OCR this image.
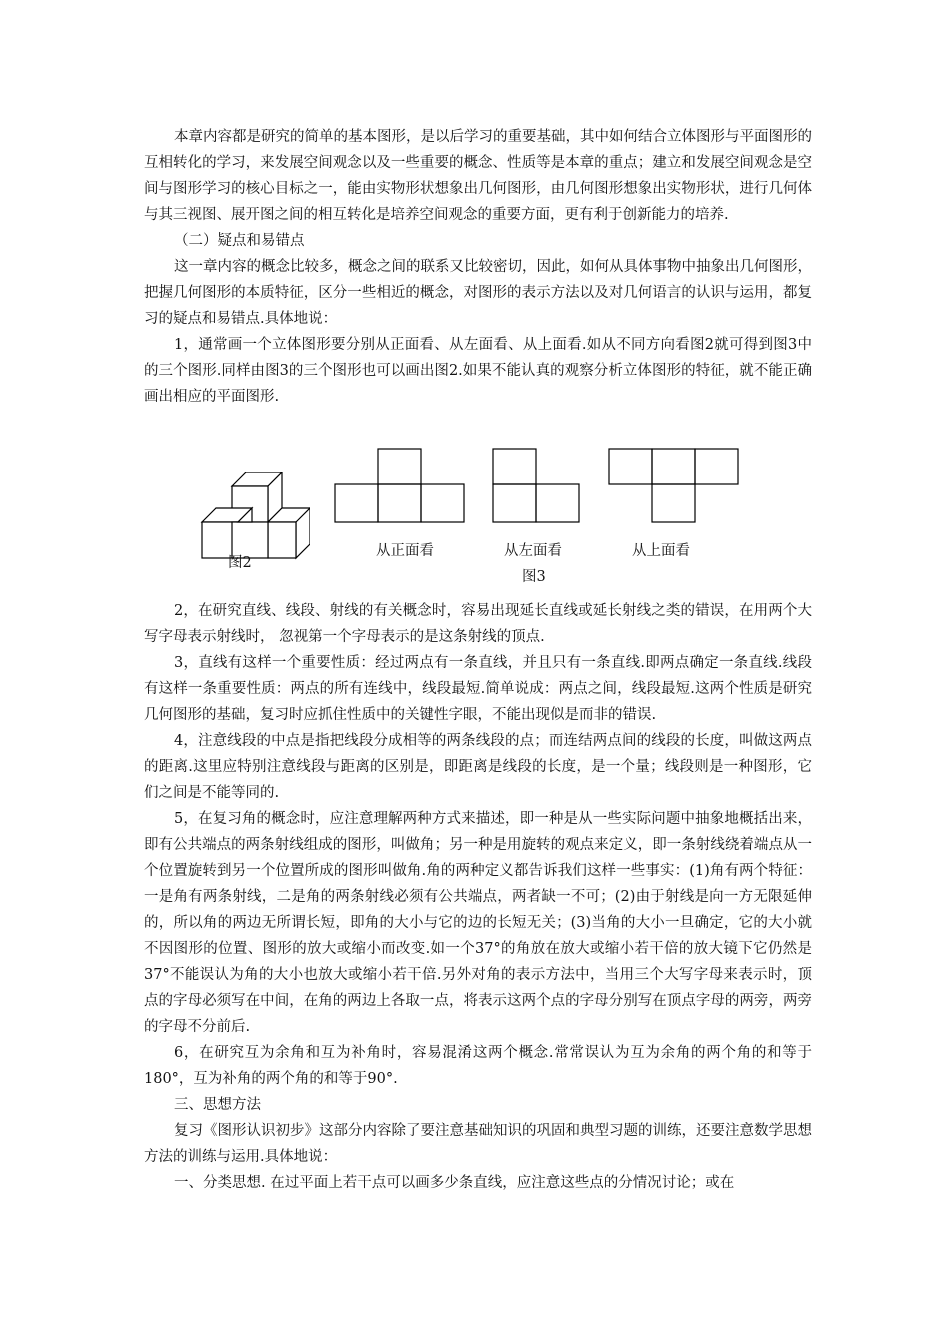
本章内容都是研究的简单的基本图形，是以后学习的重要基础，其中如何结合立体图形与平面图形的互相转化的学习，来发展空间观念以及一些重要的概念、性质等是本章的重点；建立和发展空间观念是空间与图形学习的核心目标之一，能由实物形状想象出几何图形，由几何图形想象出实物形状，进行几何体与其三视图、展开图之间的相互转化是培养空间观念的重要方面，更有利于创新能力的培养.

（二）疑点和易错点

这一章内容的概念比较多，概念之间的联系又比较密切，因此，如何从具体事物中抽象出几何图形，把握几何图形的本质特征，区分一些相近的概念，对图形的表示方法以及对几何语言的认识与运用，都复习的疑点和易错点.具体地说：

1，通常画一个立体图形要分别从正面看、从左面看、从上面看.如从不同方向看图2就可得到图3中的三个图形.同样由图3的三个图形也可以画出图2.如果不能认真的观察分析立体图形的特征，就不能正确画出相应的平面图形.

图2
从正面看	从左面看
图3
从上面看

2，在研究直线、线段、射线的有关概念时，容易出现延长直线或延长射线之类的错误，在用两个大写字母表示射线时， 忽视第一个字母表示的是这条射线的顶点.

3，直线有这样一个重要性质：经过两点有一条直线，并且只有一条直线.即两点确定一条直线.线段有这样一条重要性质：两点的所有连线中，线段最短.简单说成：两点之间，线段最短.这两个性质是研究几何图形的基础，复习时应抓住性质中的关键性字眼，不能出现似是而非的错误.

4，注意线段的中点是指把线段分成相等的两条线段的点；而连结两点间的线段的长度，叫做这两点的距离.这里应特别注意线段与距离的区别是，即距离是线段的长度，是一个量；线段则是一种图形，它们之间是不能等同的.

5，在复习角的概念时，应注意理解两种方式来描述，即一种是从一些实际问题中抽象地概括出来，即有公共端点的两条射线组成的图形，叫做角；另一种是用旋转的观点来定义，即一条射线绕着端点从一个位置旋转到另一个位置所成的图形叫做角.角的两种定义都告诉我们这样一些事实：(1)角有两个特征：一是角有两条射线，二是角的两条射线必须有公共端点，两者缺一不可；(2)由于射线是向一方无限延伸的，所以角的两边无所谓长短，即角的大小与它的边的长短无关；(3)当角的大小一旦确定，它的大小就不因图形的位置、图形的放大或缩小而改变.如一个37°的角放在放大或缩小若干倍的放大镜下它仍然是37°不能误认为角的大小也放大或缩小若干倍.另外对角的表示方法中，当用三个大写字母来表示时，顶点的字母必须写在中间，在角的两边上各取一点，将表示这两个点的字母分别写在顶点字母的两旁，两旁的字母不分前后.

6，在研究互为余角和互为补角时，容易混淆这两个概念.常常误认为互为余角的两个角的和等于180°，互为补角的两个角的和等于90°.

三、思想方法

复习《图形认识初步》这部分内容除了要注意基础知识的巩固和典型习题的训练，还要注意数学思想方法的训练与运用.具体地说：

一、分类思想. 在过平面上若干点可以画多少条直线，应注意这些点的分情况讨论；或在
